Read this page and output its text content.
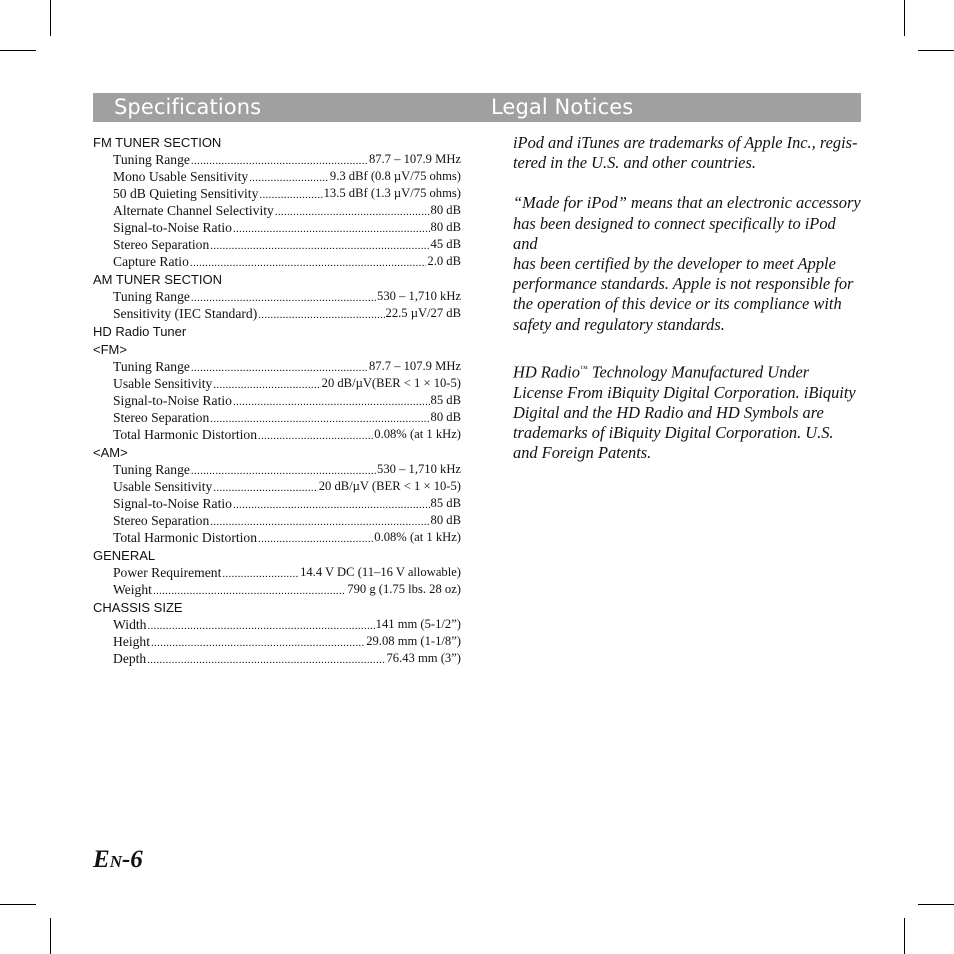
Specifications	Legal Notices
FM TUNER SECTION
Tuning Range .....	87.7 – 107.9 MHz
Mono Usable Sensitivity .....	9.3 dBf (0.8 µV/75 ohms)
50 dB Quieting Sensitivity .....	13.5 dBf (1.3 µV/75 ohms)
Alternate Channel Selectivity .....	80 dB
Signal-to-Noise Ratio .....	80 dB
Stereo Separation .....	45 dB
Capture Ratio .....	2.0 dB
AM TUNER SECTION
Tuning Range .....	530 – 1,710 kHz
Sensitivity (IEC Standard) .....	22.5 µV/27 dB
HD Radio Tuner
<FM>
Tuning Range .....	87.7 – 107.9 MHz
Usable Sensitivity .....	20 dB/µV(BER < 1 × 10-5)
Signal-to-Noise Ratio .....	85 dB
Stereo Separation .....	80 dB
Total Harmonic Distortion .....	0.08% (at 1 kHz)
<AM>
Tuning Range .....	530 – 1,710 kHz
Usable Sensitivity .....	20 dB/µV (BER < 1 × 10-5)
Signal-to-Noise Ratio .....	85 dB
Stereo Separation .....	80 dB
Total Harmonic Distortion .....	0.08% (at 1 kHz)
GENERAL
Power Requirement .....	14.4 V DC (11–16 V allowable)
Weight .....	790 g (1.75 lbs. 28 oz)
CHASSIS SIZE
Width .....	141 mm (5-1/2”)
Height .....	29.08 mm (1-1/8”)
Depth .....	76.43 mm (3”)

iPod and iTunes are trademarks of Apple Inc., regis-
tered in the U.S. and other countries.

“Made for iPod” means that an electronic accessory
has been designed to connect specifically to iPod and
has been certified by the developer to meet Apple
performance standards. Apple is not responsible for
the operation of this device or its compliance with
safety and regulatory standards.

HD Radio™ Technology Manufactured Under
License From iBiquity Digital Corporation. iBiquity
Digital and the HD Radio and HD Symbols are
trademarks of iBiquity Digital Corporation. U.S.
and Foreign Patents.

EN-6
